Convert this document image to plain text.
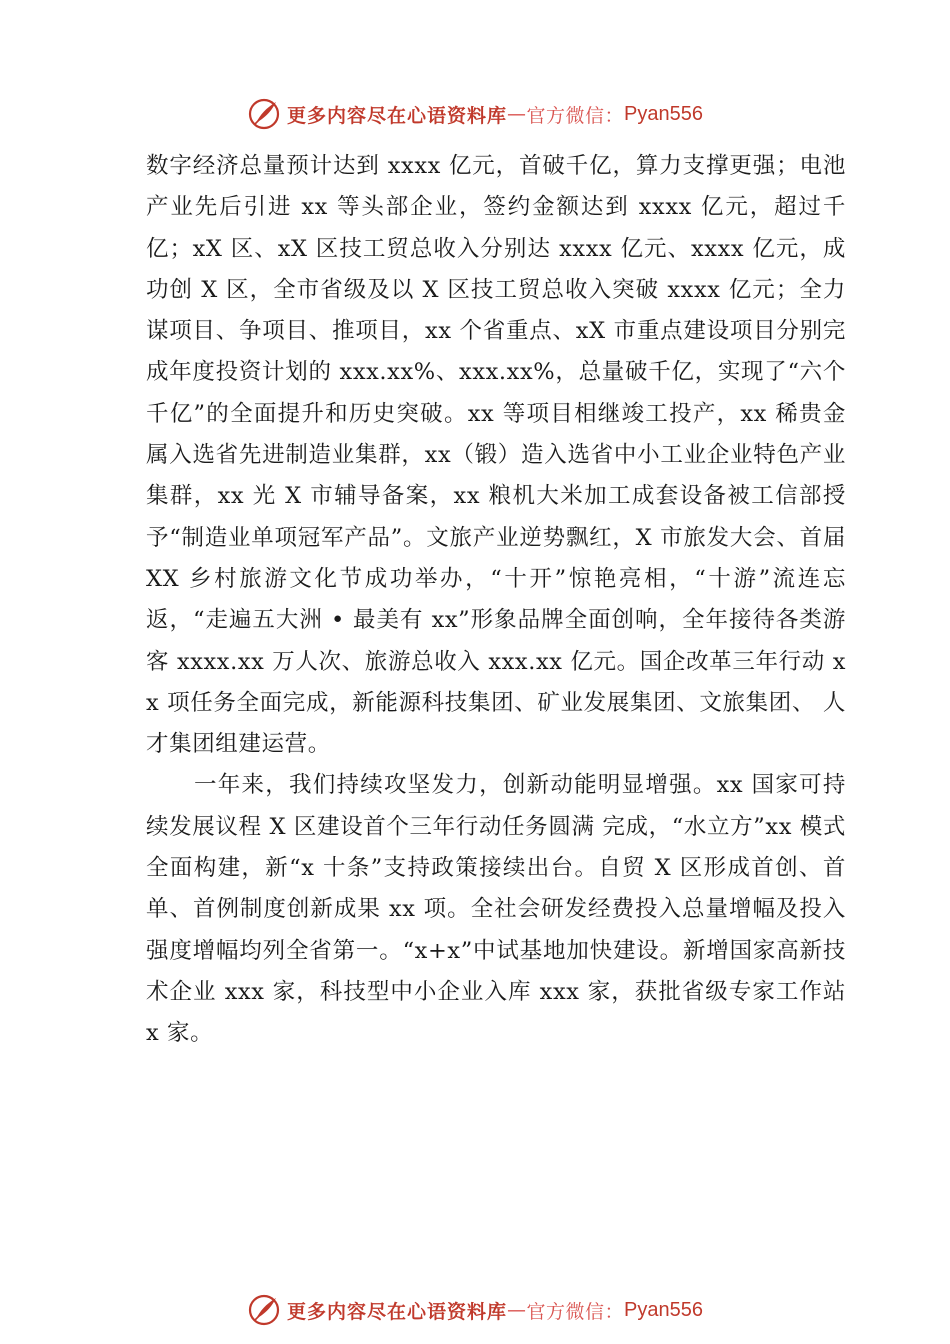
更多内容尽在心语资料库 — 官方微信： Pyan556

数字经济总量预计达到 xxxx 亿元，首破千亿，算力支撑更强；电池产业先后引进 xx 等头部企业，签约金额达到 xxxx 亿元，超过千亿；xX 区、xX 区技工贸总收入分别达 xxxx 亿元、xxxx 亿元，成功创 X 区，全市省级及以 X 区技工贸总收入突破 xxxx 亿元；全力谋项目、争项目、推项目，xx 个省重点、xX 市重点建设项目分别完成年度投资计划的 xxx.xx%、xxx.xx%，总量破千亿，实现了“六个千亿”的全面提升和历史突破。xx 等项目相继竣工投产，xx 稀贵金属入选省先进制造业集群，xx（锻）造入选省中小工业企业特色产业集群，xx 光 X 市辅导备案，xx 粮机大米加工成套设备被工信部授予“制造业单项冠军产品”。文旅产业逆势飘红，X 市旅发大会、首届 XX 乡村旅游文化节成功举办，“十开”惊艳亮相，“十游”流连忘返，“走遍五大洲 • 最美有 xx”形象品牌全面创响，全年接待各类游客 xxxx.xx 万人次、旅游总收入 xxx.xx 亿元。国企改革三年行动 xx 项任务全面完成，新能源科技集团、矿业发展集团、文旅集团、 人才集团组建运营。

一年来，我们持续攻坚发力，创新动能明显增强。xx 国家可持续发展议程 X 区建设首个三年行动任务圆满 完成，“水立方”xx 模式全面构建，新“x 十条”支持政策接续出台。自贸 X 区形成首创、首单、首例制度创新成果 xx 项。全社会研发经费投入总量增幅及投入强度增幅均列全省第一。“x+x”中试基地加快建设。新增国家高新技术企业 xxx 家，科技型中小企业入库 xxx 家，获批省级专家工作站 x 家。

更多内容尽在心语资料库 — 官方微信： Pyan556
